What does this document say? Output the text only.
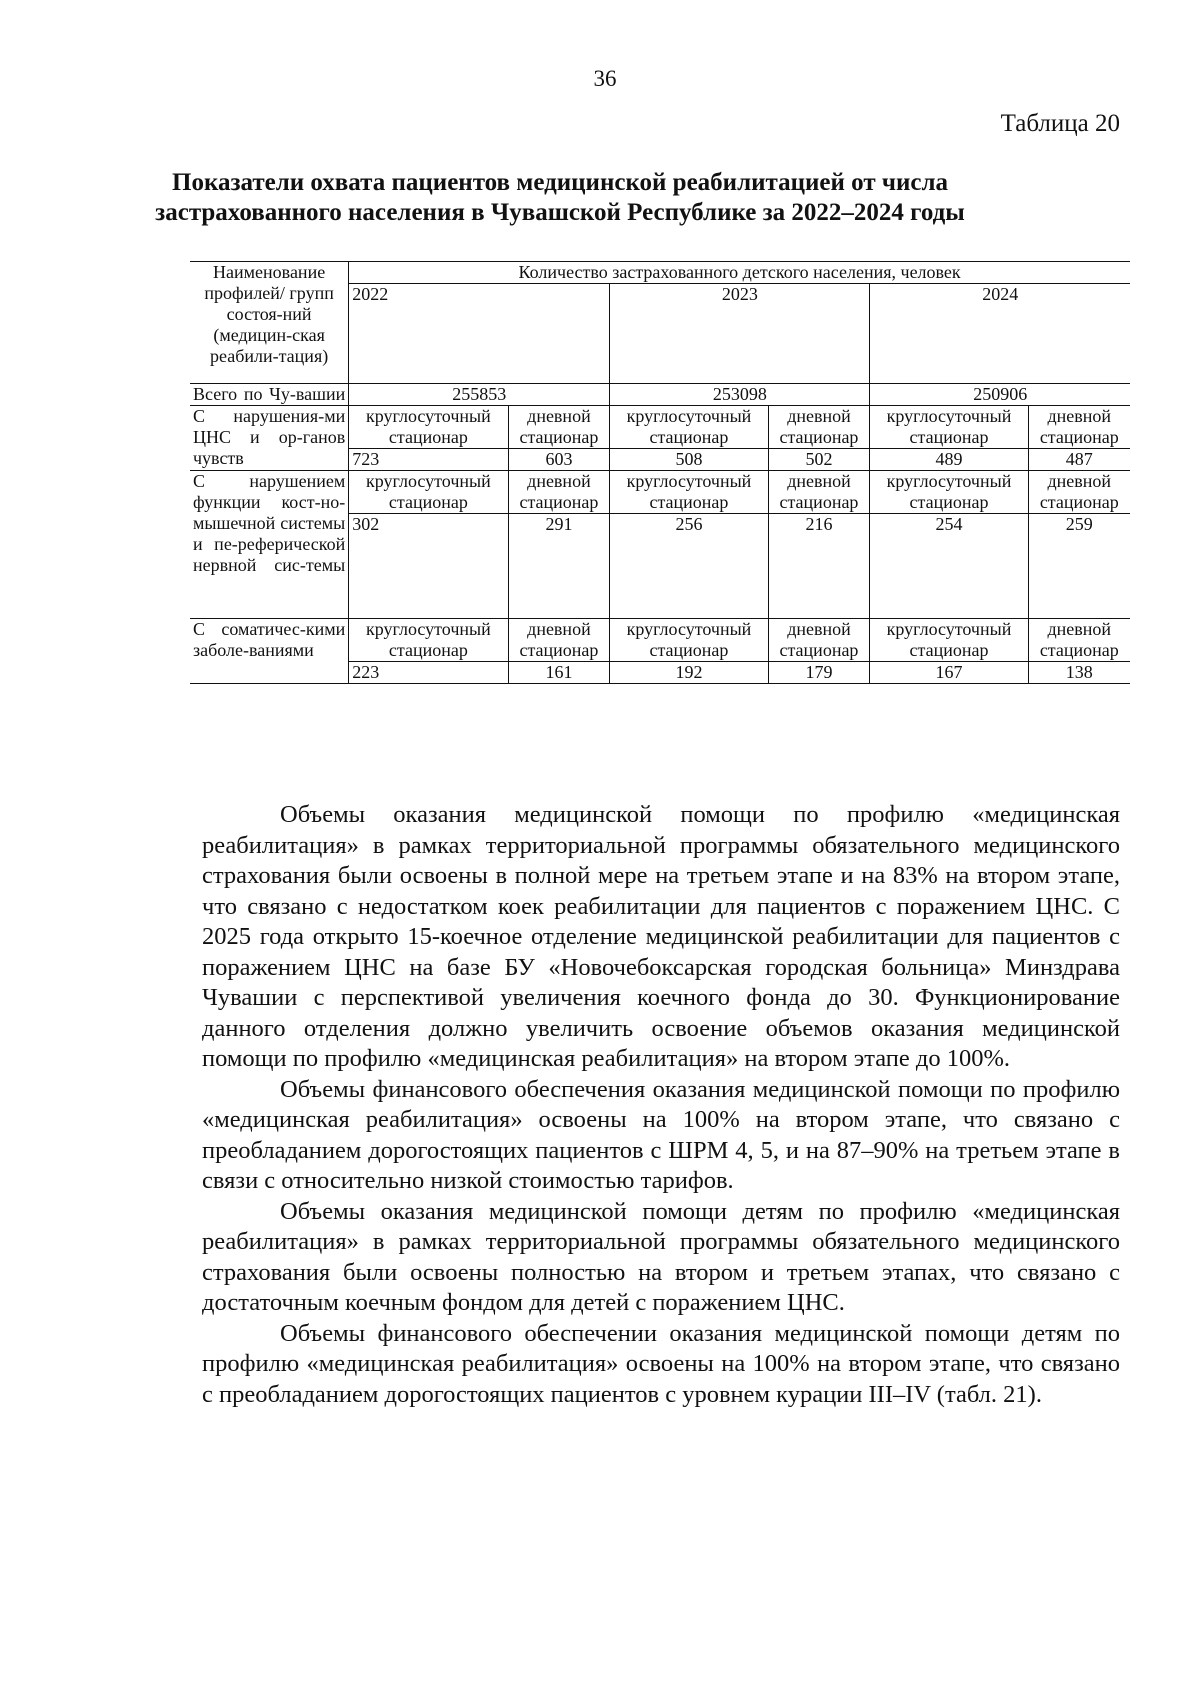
36
Таблица 20
Показатели охвата пациентов медицинской реабилитацией от числа застрахованного населения в Чувашской Республике за 2022–2024 годы
Наименование профилей/ групп состоя-ний (медицин-ская реабили-тация)	Количество застрахованного детского населения, человек					
	2022		2023		2024	
Всего по Чу-вашии	255853		253098		250906	
С нарушения-ми ЦНС и ор-ганов чувств	круглосуточный стационар	дневной стационар	круглосуточный стационар	дневной стационар	круглосуточный стационар	дневной стационар
	723	603	508	502	489	487
С нарушением функции кост-но-мышечной системы и пе-реферической нервной сис-темы	круглосуточный стационар	дневной стационар	круглосуточный стационар	дневной стационар	круглосуточный стационар	дневной стационар
	302	291	256	216	254	259
С соматичес-кими заболе-ваниями	круглосуточный стационар	дневной стационар	круглосуточный стационар	дневной стационар	круглосуточный стационар	дневной стационар
	223	161	192	179	167	138

Объемы оказания медицинской помощи по профилю «медицинская реабилитация» в рамках территориальной программы обязательного медицинского страхования были освоены в полной мере на третьем этапе и на 83% на втором этапе, что связано с недостатком коек реабилитации для пациентов с поражением ЦНС. С 2025 года открыто 15-коечное отделение медицинской реабилитации для пациентов с поражением ЦНС на базе БУ «Новочебоксарская городская больница» Минздрава Чувашии с перспективой увеличения коечного фонда до 30. Функционирование данного отделения должно увеличить освоение объемов оказания медицинской помощи по профилю «медицинская реабилитация» на втором этапе до 100%.

Объемы финансового обеспечения оказания медицинской помощи по профилю «медицинская реабилитация» освоены на 100% на втором этапе, что связано с преобладанием дорогостоящих пациентов с ШРМ 4, 5, и на 87–90% на третьем этапе в связи с относительно низкой стоимостью тарифов.

Объемы оказания медицинской помощи детям по профилю «медицинская реабилитация» в рамках территориальной программы обязательного медицинского страхования были освоены полностью на втором и третьем этапах, что связано с достаточным коечным фондом для детей с поражением ЦНС.

Объемы финансового обеспечении оказания медицинской помощи детям по профилю «медицинская реабилитация» освоены на 100% на втором этапе, что связано с преобладанием дорогостоящих пациентов с уровнем курации III–IV (табл. 21).
